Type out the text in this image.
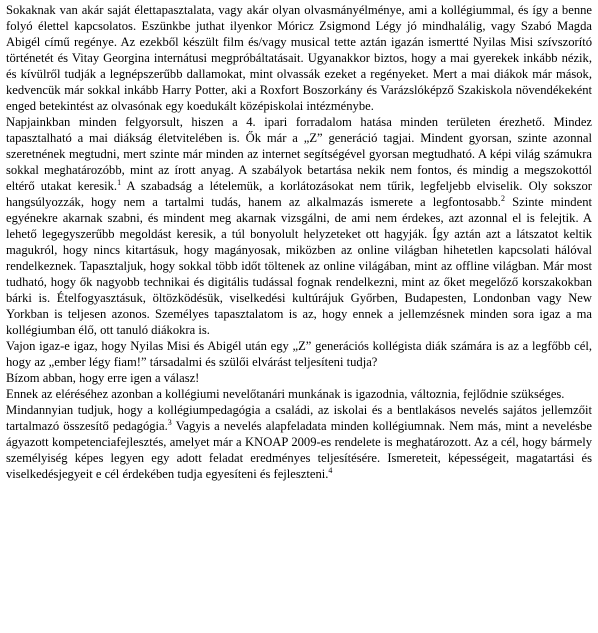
Sokaknak van akár saját élettapasztalata, vagy akár olyan olvasmányélménye, ami a kollégiummal, és így a benne folyó élettel kapcsolatos. Eszünkbe juthat ilyenkor Móricz Zsigmond Légy jó mindhalálig, vagy Szabó Magda Abigél című regénye. Az ezekből készült film és/vagy musical tette aztán igazán ismertté Nyilas Misi szívszorító történetét és Vitay Georgina internátusi megpróbáltatásait. Ugyanakkor biztos, hogy a mai gyerekek inkább nézik, és kívülről tudják a legnépszerűbb dallamokat, mint olvassák ezeket a regényeket. Mert a mai diákok már mások, kedvencük már sokkal inkább Harry Potter, aki a Roxfort Boszorkány és Varázslóképző Szakiskola növendékeként enged betekintést az olvasónak egy koedukált középiskolai intézménybe.

Napjainkban minden felgyorsult, hiszen a 4. ipari forradalom hatása minden területen érezhető. Mindez tapasztalható a mai diákság életvitelében is. Ők már a „Z” generáció tagjai. Mindent gyorsan, szinte azonnal szeretnének megtudni, mert szinte már minden az internet segítségével gyorsan megtudható. A képi világ számukra sokkal meghatározóbb, mint az írott anyag. A szabályok betartása nekik nem fontos, és mindig a megszokottól eltérő utakat keresik.$^1$ A szabadság a lételemük, a korlátozásokat nem tűrik, legfeljebb elviselik. Oly sokszor hangsúlyozzák, hogy nem a tartalmi tudás, hanem az alkalmazás ismerete a legfontosabb.$^2$ Szinte mindent egyénekre akarnak szabni, és mindent meg akarnak vizsgálni, de ami nem érdekes, azt azonnal el is felejtik. A lehető legegyszerűbb megoldást keresik, a túl bonyolult helyzeteket ott hagyják. Így aztán azt a látszatot keltik magukról, hogy nincs kitartásuk, hogy magányosak, miközben az online világban hihetetlen kapcsolati hálóval rendelkeznek. Tapasztaljuk, hogy sokkal több időt töltenek az online világában, mint az offline világban. Már most tudható, hogy ők nagyobb technikai és digitális tudással fognak rendelkezni, mint az őket megelőző korszakokban bárki is. Ételfogyasztásuk, öltözködésük, viselkedési kultúrájuk Győrben, Budapesten, Londonban vagy New Yorkban is teljesen azonos. Személyes tapasztalatom is az, hogy ennek a jellemzésnek minden sora igaz a ma kollégiumban élő, ott tanuló diákokra is.

Vajon igaz-e igaz, hogy Nyilas Misi és Abigél után egy „Z” generációs kollégista diák számára is az a legfőbb cél, hogy az „ember légy fiam!” társadalmi és szülői elvárást teljesíteni tudja?

Bízom abban, hogy erre igen a válasz!

Ennek az eléréséhez azonban a kollégiumi nevelőtanári munkának is igazodnia, változnia, fejlődnie szükséges.

Mindannyian tudjuk, hogy a kollégiumpedagógia a családi, az iskolai és a bentlakásos nevelés sajátos jellemzőit tartalmazó összesítő pedagógia.$^3$ Vagyis a nevelés alapfeladata minden kollégiumnak. Nem más, mint a nevelésbe ágyazott kompetenciafejlesztés, amelyet már a KNOAP 2009-es rendelete is meghatározott. Az a cél, hogy bármely személyiség képes legyen egy adott feladat eredményes teljesítésére. Ismereteit, képességeit, magatartási és viselkedésjegyeit e cél érdekében tudja egyesíteni és fejleszteni.$^4$
